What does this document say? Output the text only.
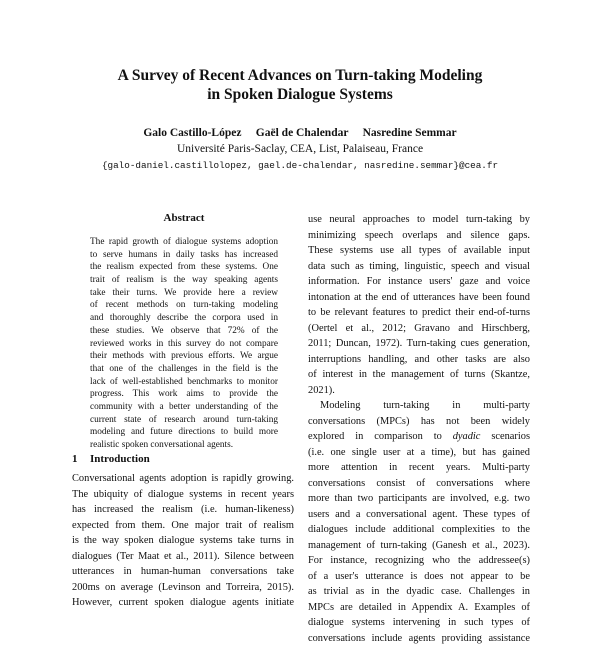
A Survey of Recent Advances on Turn-taking Modeling
in Spoken Dialogue Systems
Galo Castillo-López     Gaël de Chalendar     Nasredine Semmar
Université Paris-Saclay, CEA, List, Palaiseau, France
{galo-daniel.castillolopez, gael.de-chalendar, nasredine.semmar}@cea.fr
Abstract
The rapid growth of dialogue systems adoption
to serve humans in daily tasks has increased
the realism expected from these systems. One
trait of realism is the way speaking agents
take their turns. We provide here a review
of recent methods on turn-taking modeling
and thoroughly describe the corpora used in
these studies. We observe that 72% of the
reviewed works in this survey do not compare
their methods with previous efforts. We argue
that one of the challenges in the field is the
lack of well-established benchmarks to monitor
progress. This work aims to provide the
community with a better understanding of the
current state of research around turn-taking
modeling and future directions to build more
realistic spoken conversational agents.
1 Introduction
Conversational agents adoption is rapidly growing.
The ubiquity of dialogue systems in recent years
has increased the realism (i.e. human-likeness)
expected from them. One major trait of realism
is the way spoken dialogue systems take turns in
dialogues (Ter Maat et al., 2011). Silence between
utterances in human-human conversations take
200ms on average (Levinson and Torreira, 2015).
However, current spoken dialogue agents initiate
use neural approaches to model turn-taking by
minimizing speech overlaps and silence gaps.
These systems use all types of available input
data such as timing, linguistic, speech and visual
information. For instance users' gaze and voice
intonation at the end of utterances have been found
to be relevant features to predict their end-of-turns
(Oertel et al., 2012; Gravano and Hirschberg,
2011; Duncan, 1972). Turn-taking cues generation,
interruptions handling, and other tasks are also
of interest in the management of turns (Skantze,
2021).
Modeling turn-taking in multi-party
conversations (MPCs) has not been widely
explored in comparison to dyadic scenarios
(i.e. one single user at a time), but has gained
more attention in recent years. Multi-party
conversations consist of conversations where
more than two participants are involved, e.g. two
users and a conversational agent. These types of
dialogues include additional complexities to the
management of turn-taking (Ganesh et al., 2023).
For instance, recognizing who the addressee(s)
of a user's utterance is does not appear to be
as trivial as in the dyadic case. Challenges in
MPCs are detailed in Appendix A. Examples of
dialogue systems intervening in such types of
conversations include agents providing assistance
